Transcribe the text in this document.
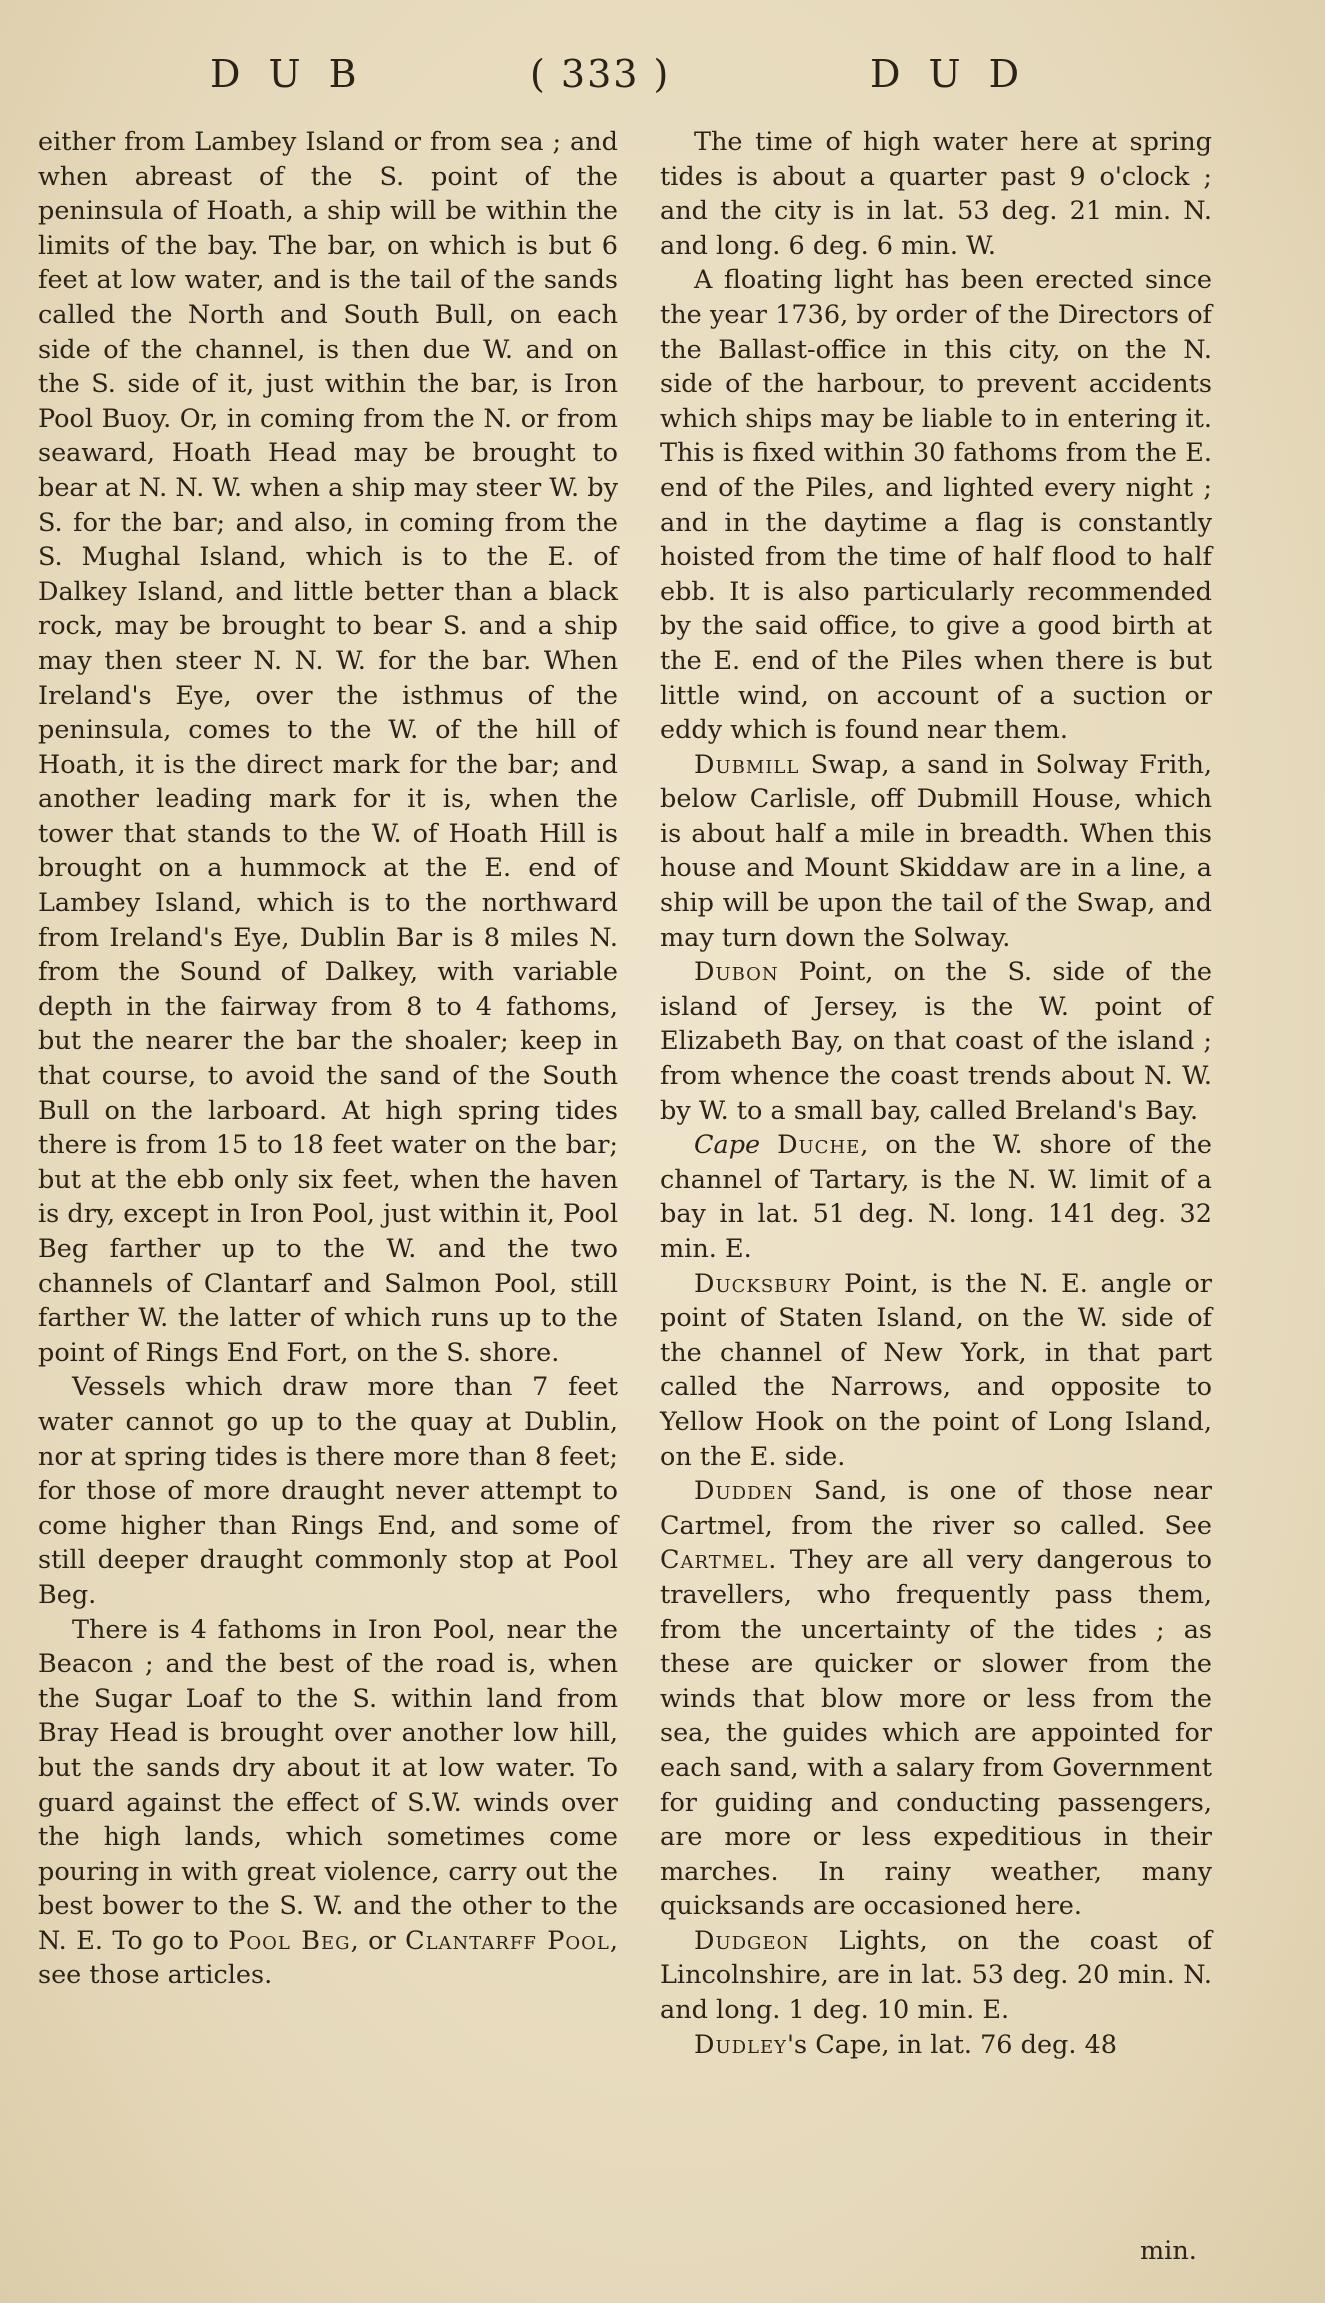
D U B	( 333 )	D U D

either from Lambey Island or from sea ; and when abreast of the S. point of the peninsula of Hoath, a ship will be within the limits of the bay. The bar, on which is but 6 feet at low water, and is the tail of the sands called the North and South Bull, on each side of the channel, is then due W. and on the S. side of it, just within the bar, is Iron Pool Buoy. Or, in coming from the N. or from seaward, Hoath Head may be brought to bear at N. N. W. when a ship may steer W. by S. for the bar; and also, in coming from the S. Mughal Island, which is to the E. of Dalkey Island, and little better than a black rock, may be brought to bear S. and a ship may then steer N. N. W. for the bar. When Ireland's Eye, over the isthmus of the peninsula, comes to the W. of the hill of Hoath, it is the direct mark for the bar; and another leading mark for it is, when the tower that stands to the W. of Hoath Hill is brought on a hummock at the E. end of Lambey Island, which is to the northward from Ireland's Eye, Dublin Bar is 8 miles N. from the Sound of Dalkey, with variable depth in the fairway from 8 to 4 fathoms, but the nearer the bar the shoaler; keep in that course, to avoid the sand of the South Bull on the larboard. At high spring tides there is from 15 to 18 feet water on the bar; but at the ebb only six feet, when the haven is dry, except in Iron Pool, just within it, Pool Beg farther up to the W. and the two channels of Clantarf and Salmon Pool, still farther W. the latter of which runs up to the point of Rings End Fort, on the S. shore.

Vessels which draw more than 7 feet water cannot go up to the quay at Dublin, nor at spring tides is there more than 8 feet; for those of more draught never attempt to come higher than Rings End, and some of still deeper draught commonly stop at Pool Beg.

There is 4 fathoms in Iron Pool, near the Beacon ; and the best of the road is, when the Sugar Loaf to the S. within land from Bray Head is brought over another low hill, but the sands dry about it at low water. To guard against the effect of S.W. winds over the high lands, which sometimes come pouring in with great violence, carry out the best bower to the S. W. and the other to the N. E. To go to Pool Beg, or Clantarff Pool, see those articles.

The time of high water here at spring tides is about a quarter past 9 o'clock ; and the city is in lat. 53 deg. 21 min. N. and long. 6 deg. 6 min. W.

A floating light has been erected since the year 1736, by order of the Directors of the Ballast-office in this city, on the N. side of the harbour, to prevent accidents which ships may be liable to in entering it. This is fixed within 30 fathoms from the E. end of the Piles, and lighted every night ; and in the daytime a flag is constantly hoisted from the time of half flood to half ebb. It is also particularly recommended by the said office, to give a good birth at the E. end of the Piles when there is but little wind, on account of a suction or eddy which is found near them.

Dubmill Swap, a sand in Solway Frith, below Carlisle, off Dubmill House, which is about half a mile in breadth. When this house and Mount Skiddaw are in a line, a ship will be upon the tail of the Swap, and may turn down the Solway.

Dubon Point, on the S. side of the island of Jersey, is the W. point of Elizabeth Bay, on that coast of the island ; from whence the coast trends about N. W. by W. to a small bay, called Breland's Bay.

Cape Duche, on the W. shore of the channel of Tartary, is the N. W. limit of a bay in lat. 51 deg. N. long. 141 deg. 32 min. E.

Ducksbury Point, is the N. E. angle or point of Staten Island, on the W. side of the channel of New York, in that part called the Narrows, and opposite to Yellow Hook on the point of Long Island, on the E. side.

Dudden Sand, is one of those near Cartmel, from the river so called. See Cartmel. They are all very dangerous to travellers, who frequently pass them, from the uncertainty of the tides ; as these are quicker or slower from the winds that blow more or less from the sea, the guides which are appointed for each sand, with a salary from Government for guiding and conducting passengers, are more or less expeditious in their marches. In rainy weather, many quicksands are occasioned here.

Dudgeon Lights, on the coast of Lincolnshire, are in lat. 53 deg. 20 min. N. and long. 1 deg. 10 min. E.

Dudley's Cape, in lat. 76 deg. 48

min.
